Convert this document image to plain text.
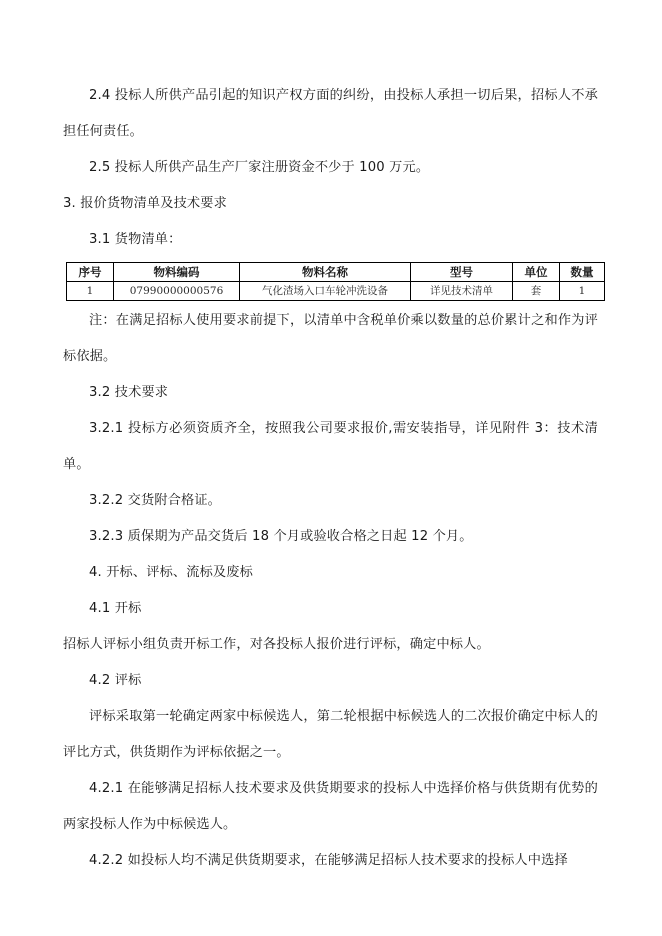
2.4 投标人所供产品引起的知识产权方面的纠纷，由投标人承担一切后果，招标人不承担任何责任。

2.5 投标人所供产品生产厂家注册资金不少于 100 万元。

3. 报价货物清单及技术要求

3.1 货物清单：

序号	物料编码	物料名称	型号	单位	数量
1	07990000000576	气化渣场入口车轮冲洗设备	详见技术清单	套	1

注：在满足招标人使用要求前提下，以清单中含税单价乘以数量的总价累计之和作为评标依据。

3.2 技术要求

3.2.1 投标方必须资质齐全，按照我公司要求报价,需安装指导，详见附件 3：技术清单。

3.2.2 交货附合格证。

3.2.3 质保期为产品交货后 18 个月或验收合格之日起 12 个月。

4. 开标、评标、流标及废标

4.1 开标

招标人评标小组负责开标工作，对各投标人报价进行评标，确定中标人。

4.2 评标

评标采取第一轮确定两家中标候选人，第二轮根据中标候选人的二次报价确定中标人的评比方式，供货期作为评标依据之一。

4.2.1 在能够满足招标人技术要求及供货期要求的投标人中选择价格与供货期有优势的两家投标人作为中标候选人。

4.2.2 如投标人均不满足供货期要求，在能够满足招标人技术要求的投标人中选择
